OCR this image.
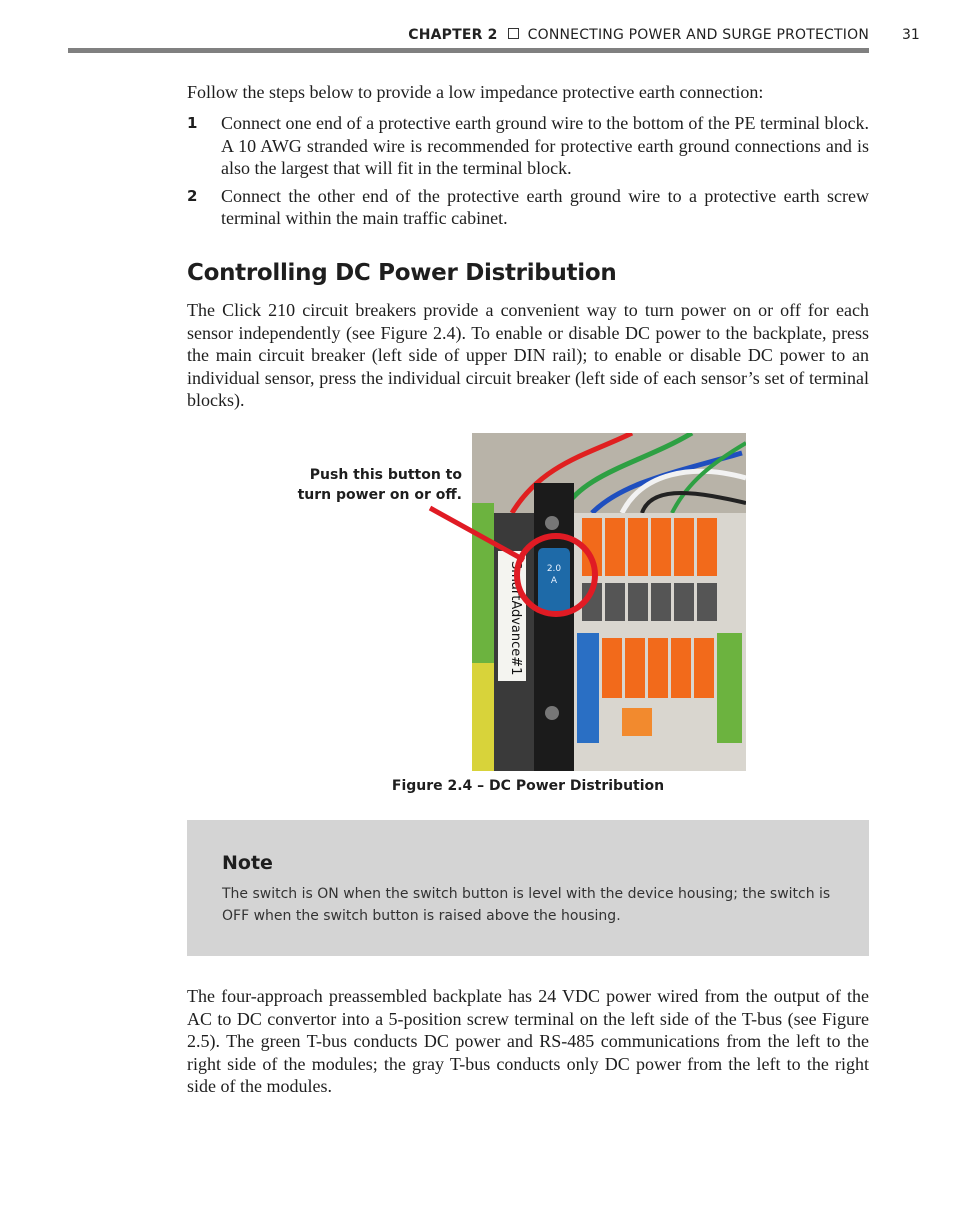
CHAPTER 2 CONNECTING POWER AND SURGE PROTECTION 31

Follow the steps below to provide a low impedance protective earth connection:

1 Connect one end of a protective earth ground wire to the bottom of the PE terminal block. A 10 AWG stranded wire is recommended for protective earth ground connections and is also the largest that will fit in the terminal block.
2 Connect the other end of the protective earth ground wire to a protective earth screw terminal within the main traffic cabinet.
Controlling DC Power Distribution

The Click 210 circuit breakers provide a convenient way to turn power on or off for each sensor independently (see Figure 2.4). To enable or disable DC power to the backplate, press the main circuit breaker (left side of upper DIN rail); to enable or disable DC power to an individual sensor, press the individual circuit breaker (left side of each sensor’s set of terminal blocks).

Push this button to
turn power on or off.
SmartAdvance#1	2.0
A
Figure 2.4 – DC Power Distribution
Note

The switch is ON when the switch button is level with the device housing; the switch is OFF when the switch button is raised above the housing.

The four-approach preassembled backplate has 24 VDC power wired from the output of the AC to DC convertor into a 5-position screw terminal on the left side of the T-bus (see Figure 2.5). The green T-bus conducts DC power and RS-485 communications from the left to the right side of the modules; the gray T-bus conducts only DC power from the left to the right side of the modules.
